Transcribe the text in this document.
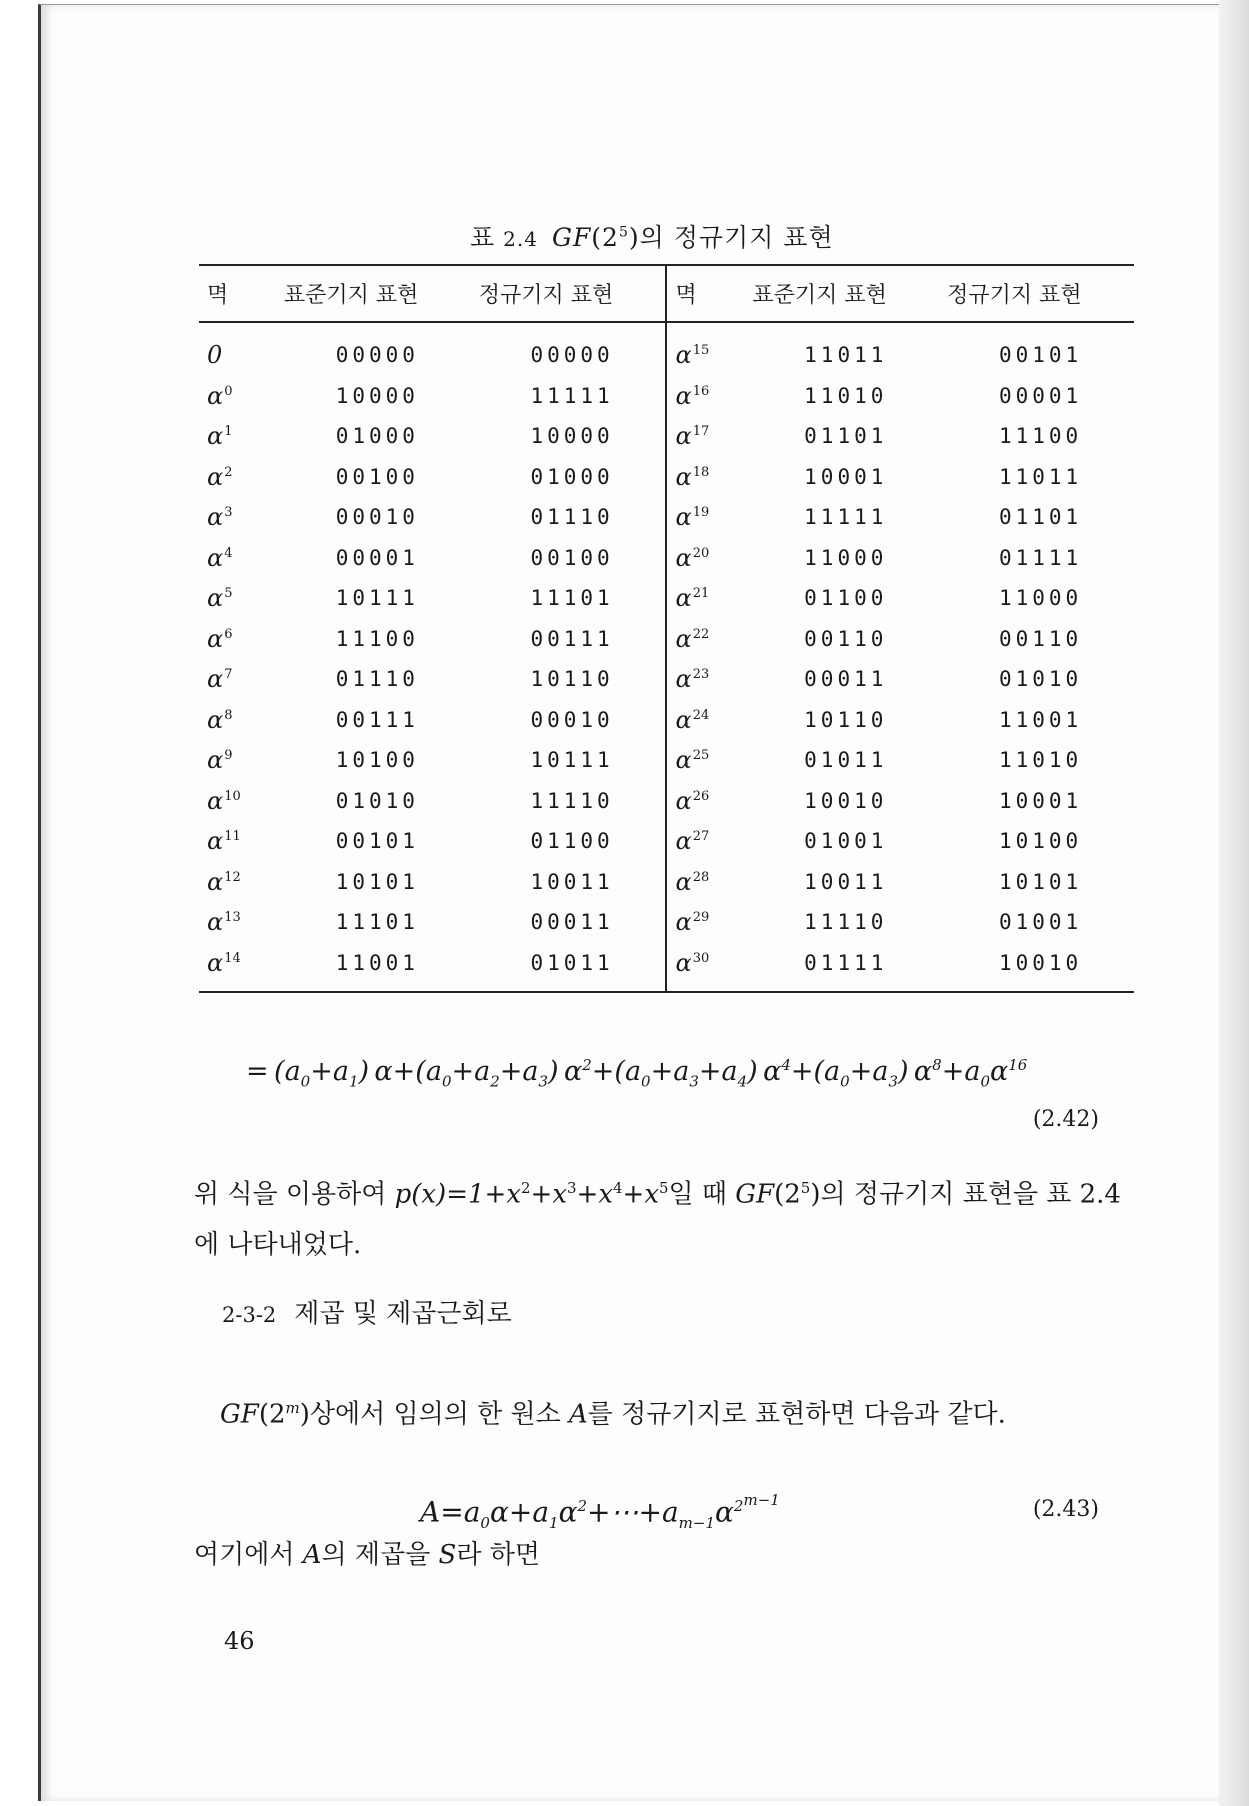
표 2.4 $GF(2^5)$의 정규기지 표현
멱	표준기지 표현	정규기지 표현	멱	표준기지 표현	정규기지 표현
0	00000	00000	$\alpha^{15}$	11011	00101
$\alpha^0$	10000	11111	$\alpha^{16}$	11010	00001
$\alpha^1$	01000	10000	$\alpha^{17}$	01101	11100
$\alpha^2$	00100	01000	$\alpha^{18}$	10001	11011
$\alpha^3$	00010	01110	$\alpha^{19}$	11111	01101
$\alpha^4$	00001	00100	$\alpha^{20}$	11000	01111
$\alpha^5$	10111	11101	$\alpha^{21}$	01100	11000
$\alpha^6$	11100	00111	$\alpha^{22}$	00110	00110
$\alpha^7$	01110	10110	$\alpha^{23}$	00011	01010
$\alpha^8$	00111	00010	$\alpha^{24}$	10110	11001
$\alpha^9$	10100	10111	$\alpha^{25}$	01011	11010
$\alpha^{10}$	01010	11110	$\alpha^{26}$	10010	10001
$\alpha^{11}$	00101	01100	$\alpha^{27}$	01001	10100
$\alpha^{12}$	10101	10011	$\alpha^{28}$	10011	10101
$\alpha^{13}$	11101	00011	$\alpha^{29}$	11110	01001
$\alpha^{14}$	11001	01011	$\alpha^{30}$	01111	10010
= $(a_0+a_1)$ $\alpha+(a_0+a_2+a_3)$ $\alpha^2+(a_0+a_3+a_4)$ $\alpha^4+(a_0+a_3)$ $\alpha^8+a_0\alpha^{16}$
(2.42)
위 식을 이용하여 $p(x)=1+x^2+x^3+x^4+x^5$일 때 $GF(2^5)$의 정규기지 표현을 표 2.4에 나타내었다.
2-3-2 제곱 및 제곱근회로
GF(2$^m$)상에서 임의의 한 원소 A를 정규기지로 표현하면 다음과 같다.
$A=a_0\alpha+a_1\alpha^2+\cdots+a_{m-1}\alpha^{2^{m-1}}$	(2.43)
여기에서 A의 제곱을 S라 하면
46
